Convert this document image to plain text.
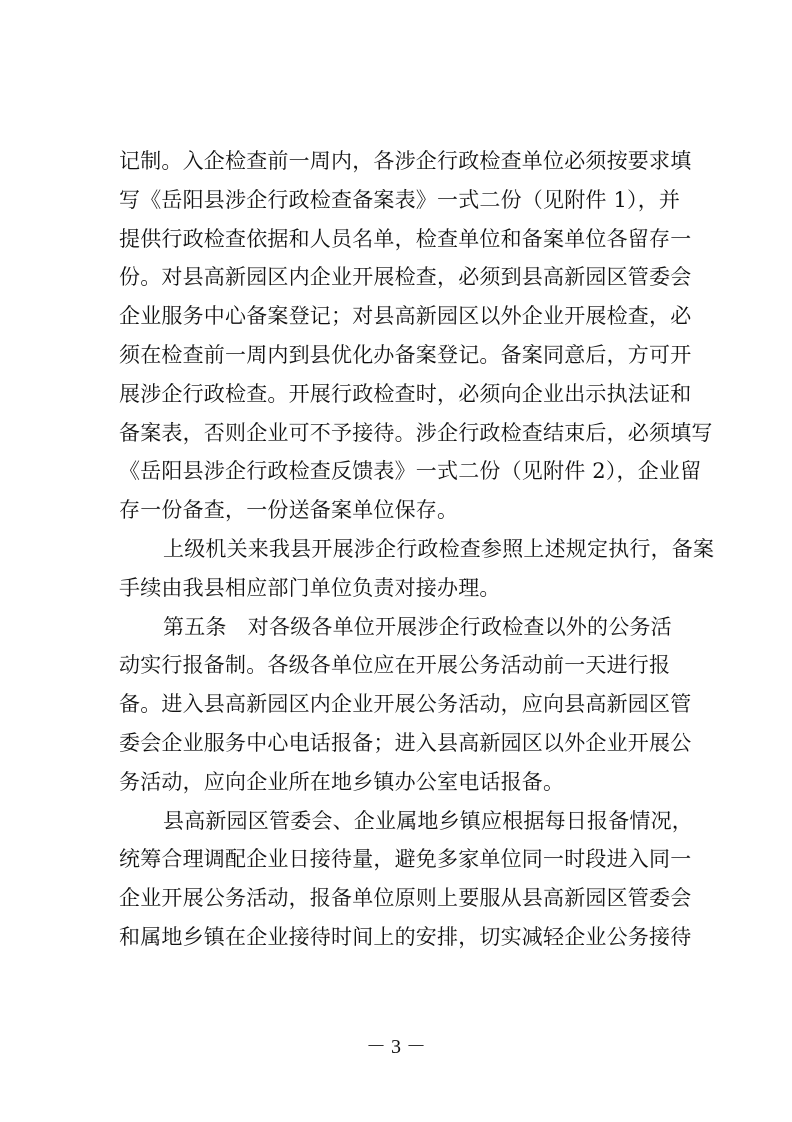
记制。入企检查前一周内，各涉企行政检查单位必须按要求填
写《岳阳县涉企行政检查备案表》一式二份（见附件 1），并
提供行政检查依据和人员名单，检查单位和备案单位各留存一
份。对县高新园区内企业开展检查，必须到县高新园区管委会
企业服务中心备案登记；对县高新园区以外企业开展检查，必
须在检查前一周内到县优化办备案登记。备案同意后，方可开
展涉企行政检查。开展行政检查时，必须向企业出示执法证和
备案表，否则企业可不予接待。涉企行政检查结束后，必须填写
《岳阳县涉企行政检查反馈表》一式二份（见附件 2），企业留
存一份备查，一份送备案单位保存。
上级机关来我县开展涉企行政检查参照上述规定执行，备案
手续由我县相应部门单位负责对接办理。
第五条　对各级各单位开展涉企行政检查以外的公务活
动实行报备制。各级各单位应在开展公务活动前一天进行报
备。进入县高新园区内企业开展公务活动，应向县高新园区管
委会企业服务中心电话报备；进入县高新园区以外企业开展公
务活动，应向企业所在地乡镇办公室电话报备。
县高新园区管委会、企业属地乡镇应根据每日报备情况，
统筹合理调配企业日接待量，避免多家单位同一时段进入同一
企业开展公务活动，报备单位原则上要服从县高新园区管委会
和属地乡镇在企业接待时间上的安排，切实减轻企业公务接待
－ 3 －
